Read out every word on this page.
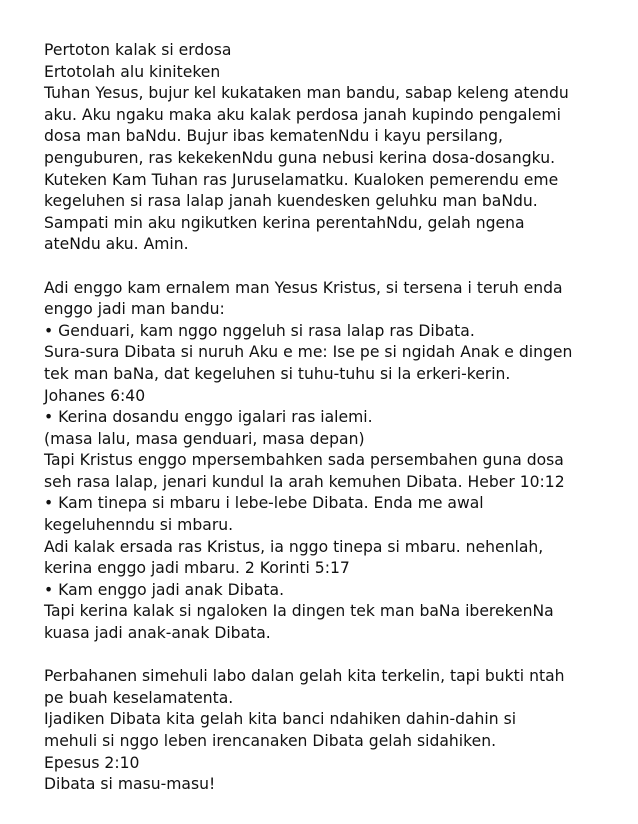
Pertoton kalak si erdosa
Ertotolah alu kiniteken
Tuhan Yesus, bujur kel kukataken man bandu, sabap keleng atendu
aku. Aku ngaku maka aku kalak perdosa janah kupindo pengalemi
dosa man baNdu. Bujur ibas kematenNdu i kayu persilang,
penguburen, ras kekekenNdu guna nebusi kerina dosa-dosangku.
Kuteken Kam Tuhan ras Juruselamatku. Kualoken pemerendu eme
kegeluhen si rasa lalap janah kuendesken geluhku man baNdu.
Sampati min aku ngikutken kerina perentahNdu, gelah ngena
ateNdu aku. Amin.
Adi enggo kam ernalem man Yesus Kristus, si tersena i teruh enda
enggo jadi man bandu:
• Genduari, kam nggo nggeluh si rasa lalap ras Dibata.
Sura-sura Dibata si nuruh Aku e me: Ise pe si ngidah Anak e dingen
tek man baNa, dat kegeluhen si tuhu-tuhu si la erkeri-kerin.
Johanes 6:40
• Kerina dosandu enggo igalari ras ialemi.
(masa lalu, masa genduari, masa depan)
Tapi Kristus enggo mpersembahken sada persembahen guna dosa
seh rasa lalap, jenari kundul Ia arah kemuhen Dibata. Heber 10:12
• Kam tinepa si mbaru i lebe-lebe Dibata. Enda me awal
kegeluhenndu si mbaru.
Adi kalak ersada ras Kristus, ia nggo tinepa si mbaru. nehenlah,
kerina enggo jadi mbaru. 2 Korinti 5:17
• Kam enggo jadi anak Dibata.
Tapi kerina kalak si ngaloken Ia dingen tek man baNa iberekenNa
kuasa jadi anak-anak Dibata.
Perbahanen simehuli labo dalan gelah kita terkelin, tapi bukti ntah
pe buah keselamatenta.
Ijadiken Dibata kita gelah kita banci ndahiken dahin-dahin si
mehuli si nggo leben irencanaken Dibata gelah sidahiken.
Epesus 2:10
Dibata si masu-masu!
